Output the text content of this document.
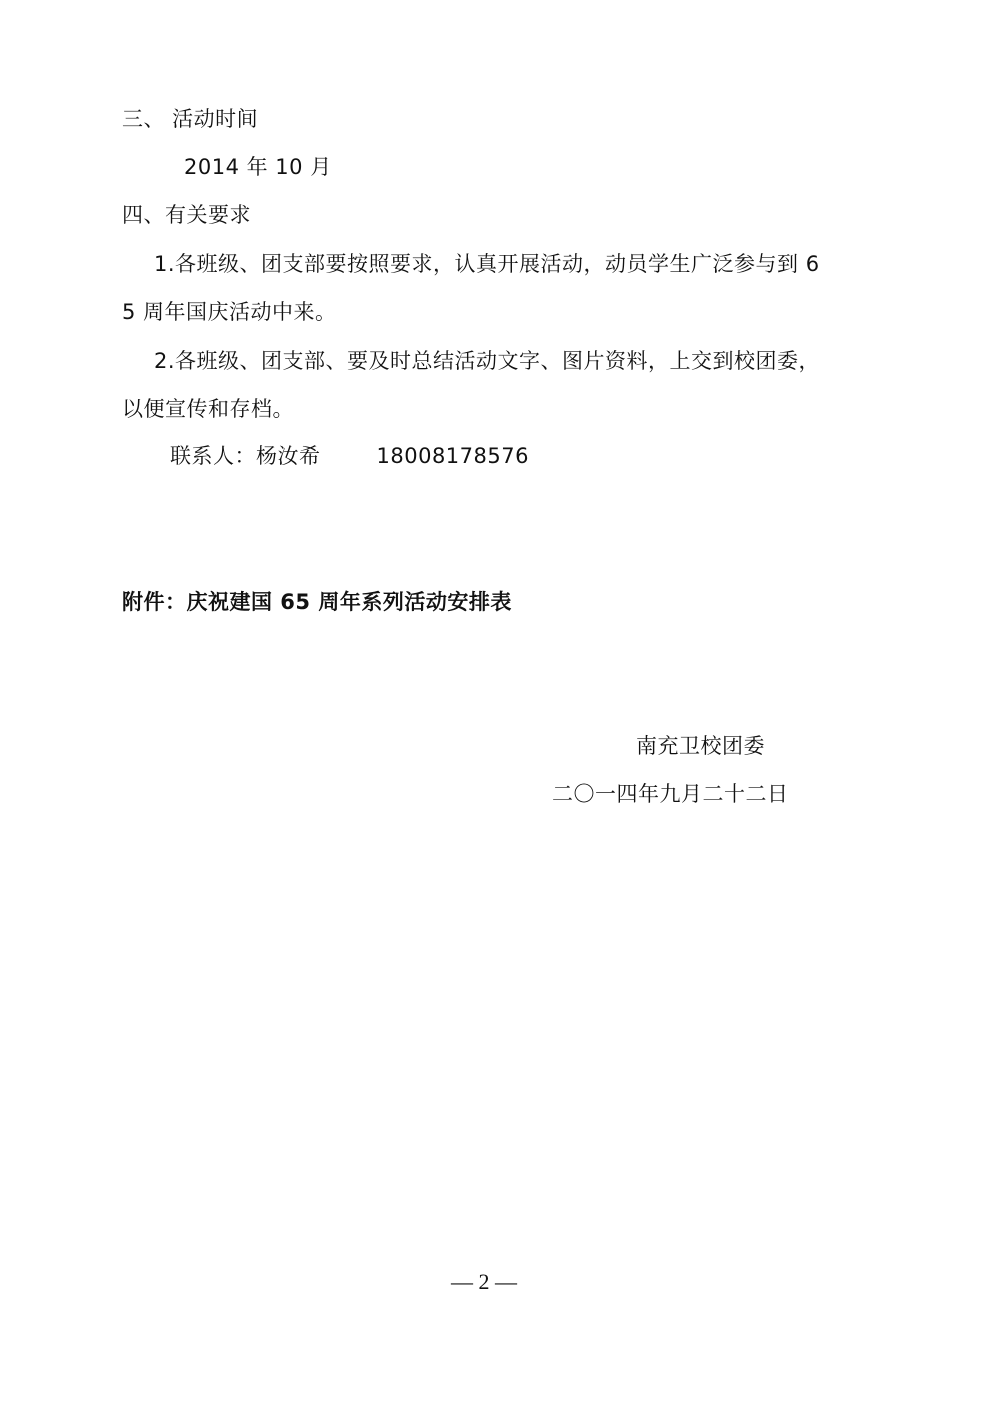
三、 活动时间
2014 年 10 月
四、有关要求
1.各班级、团支部要按照要求，认真开展活动，动员学生广泛参与到 6
5 周年国庆活动中来。
2.各班级、团支部、要及时总结活动文字、图片资料，上交到校团委，
以便宣传和存档。
联系人：杨汝希	18008178576
附件：庆祝建国 65 周年系列活动安排表
南充卫校团委
二〇一四年九月二十二日
— 2 —
